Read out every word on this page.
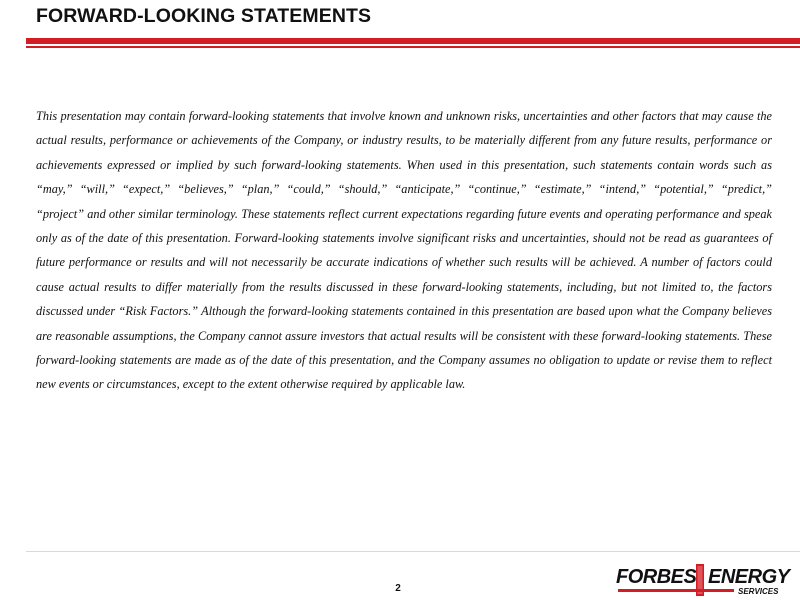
FORWARD-LOOKING STATEMENTS

This presentation may contain forward-looking statements that involve known and unknown risks, uncertainties and other factors that may cause the actual results, performance or achievements of the Company, or industry results, to be materially different from any future results, performance or achievements expressed or implied by such forward-looking statements. When used in this presentation, such statements contain words such as “may,” “will,” “expect,” “believes,” “plan,” “could,” “should,” “anticipate,” “continue,” “estimate,” “intend,” “potential,” “predict,” “project” and other similar terminology. These statements reflect current expectations regarding future events and operating performance and speak only as of the date of this presentation. Forward-looking statements involve significant risks and uncertainties, should not be read as guarantees of future performance or results and will not necessarily be accurate indications of whether such results will be achieved. A number of factors could cause actual results to differ materially from the results discussed in these forward-looking statements, including, but not limited to, the factors discussed under “Risk Factors.” Although the forward-looking statements contained in this presentation are based upon what the Company believes are reasonable assumptions, the Company cannot assure investors that actual results will be consistent with these forward-looking statements. These forward-looking statements are made as of the date of this presentation, and the Company assumes no obligation to update or revise them to reflect new events or circumstances, except to the extent otherwise required by applicable law.

2
FORBES ENERGY
SERVICES
